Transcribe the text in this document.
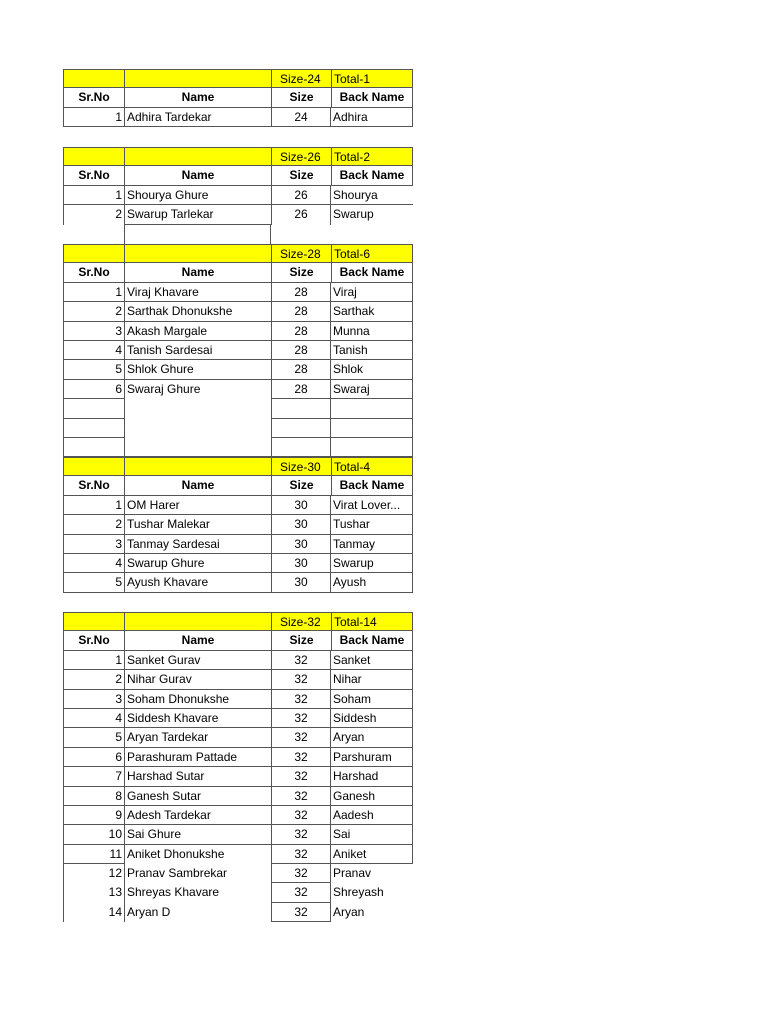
Size-24	Total-1
Sr.No	Name	Size	Back Name
1 Adhira Tardekar	24	Adhira
Size-26	Total-2
Sr.No	Name	Size	Back Name
1 Shourya Ghure	26	Shourya
2 Swarup Tarlekar	26	Swarup
Size-28	Total-6
Sr.No	Name	Size	Back Name
1 Viraj Khavare	28	Viraj
2 Sarthak Dhonukshe	28	Sarthak
3 Akash Margale	28	Munna
4 Tanish Sardesai	28	Tanish
5 Shlok Ghure	28	Shlok
6 Swaraj Ghure	28	Swaraj
Size-30	Total-4
Sr.No	Name	Size	Back Name
1 OM Harer	30	Virat Lover...
2 Tushar Malekar	30	Tushar
3 Tanmay Sardesai	30	Tanmay
4 Swarup Ghure	30	Swarup
5 Ayush Khavare	30	Ayush
Size-32	Total-14
Sr.No	Name	Size	Back Name
1 Sanket Gurav	32	Sanket
2 Nihar Gurav	32	Nihar
3 Soham Dhonukshe	32	Soham
4 Siddesh Khavare	32	Siddesh
5 Aryan Tardekar	32	Aryan
6 Parashuram Pattade	32	Parshuram
7 Harshad Sutar	32	Harshad
8 Ganesh Sutar	32	Ganesh
9 Adesh Tardekar	32	Aadesh
10 Sai Ghure	32	Sai
11 Aniket Dhonukshe	32	Aniket
12 Pranav Sambrekar	32	Pranav
13 Shreyas Khavare	32	Shreyash
14 Aryan D	32	Aryan
